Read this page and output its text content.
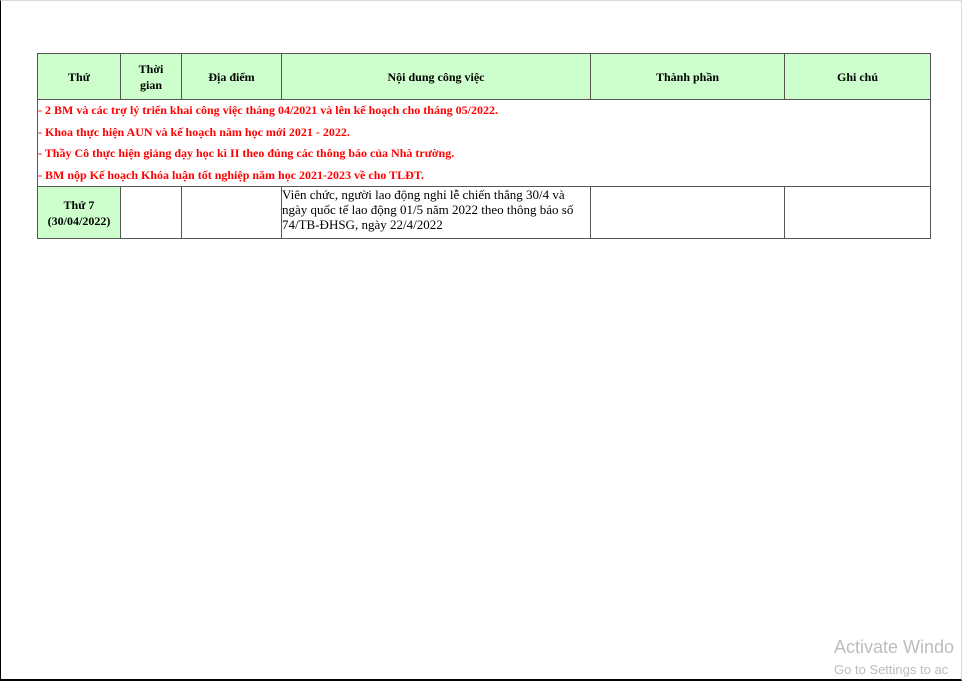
Thứ	Thời gian	Địa điểm	Nội dung công việc	Thành phần	Ghi chú

- 2 BM và các trợ lý triển khai công việc tháng 04/2021 và lên kế hoạch cho tháng 05/2022.
- Khoa thực hiện AUN và kế hoạch năm học mới 2021 - 2022.
- Thầy Cô thực hiện giảng dạy học kì II theo đúng các thông báo của Nhà trường.
- BM nộp Kế hoạch Khóa luận tốt nghiệp năm học 2021-2023 về cho TLĐT.					

Thứ 7
(30/04/2022)			Viên chức, người lao động nghỉ lễ chiến thắng 30/4 và ngày quốc tế lao động 01/5 năm 2022 theo thông báo số 74/TB-ĐHSG, ngày 22/4/2022		
Activate Windo
Go to Settings to ac
